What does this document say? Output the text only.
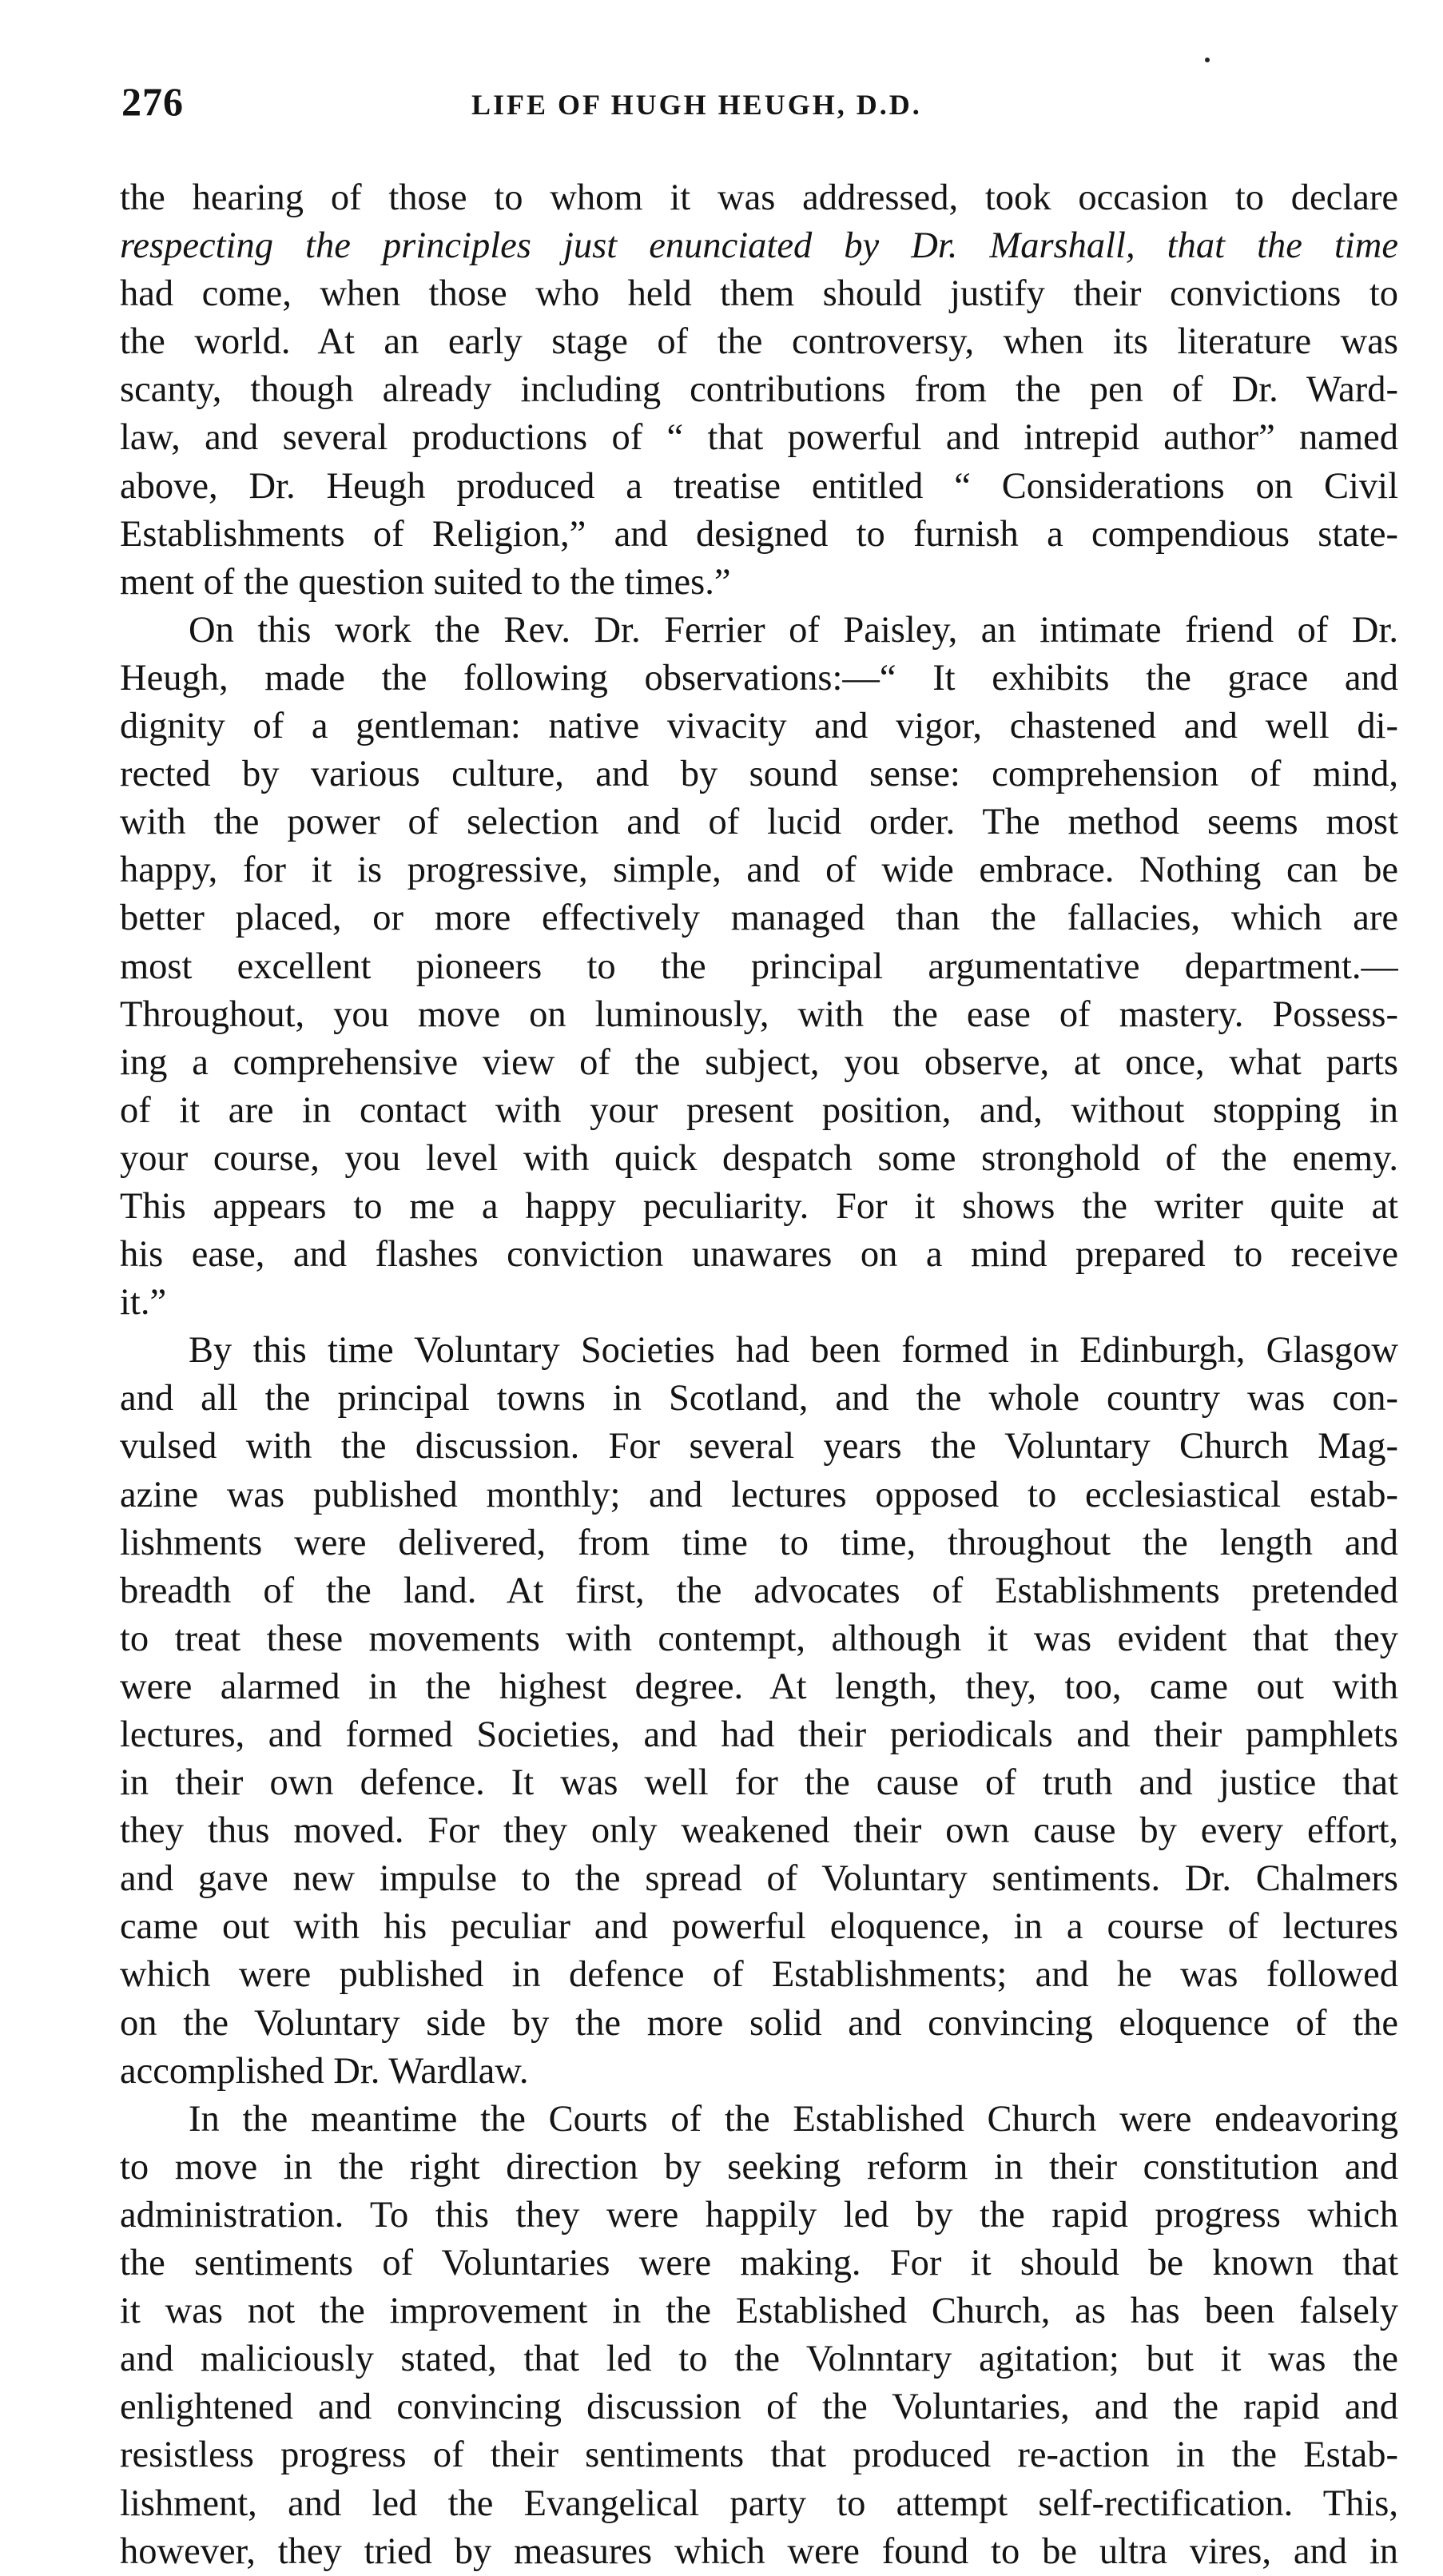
276	LIFE OF HUGH HEUGH, D.D.
the hearing of those to whom it was addressed, took occasion to declare
respecting the principles just enunciated by Dr. Marshall, that the time
had come, when those who held them should justify their convictions to
the world. At an early stage of the controversy, when its literature was
scanty, though already including contributions from the pen of Dr. Ward-
law, and several productions of “ that powerful and intrepid author” named
above, Dr. Heugh produced a treatise entitled “ Considerations on Civil
Establishments of Religion,” and designed to furnish a compendious state-
ment of the question suited to the times.”
On this work the Rev. Dr. Ferrier of Paisley, an intimate friend of Dr.
Heugh, made the following observations:—“ It exhibits the grace and
dignity of a gentleman: native vivacity and vigor, chastened and well di-
rected by various culture, and by sound sense: comprehension of mind,
with the power of selection and of lucid order. The method seems most
happy, for it is progressive, simple, and of wide embrace. Nothing can be
better placed, or more effectively managed than the fallacies, which are
most excellent pioneers to the principal argumentative department.—
Throughout, you move on luminously, with the ease of mastery. Possess-
ing a comprehensive view of the subject, you observe, at once, what parts
of it are in contact with your present position, and, without stopping in
your course, you level with quick despatch some stronghold of the enemy.
This appears to me a happy peculiarity. For it shows the writer quite at
his ease, and flashes conviction unawares on a mind prepared to receive
it.”
By this time Voluntary Societies had been formed in Edinburgh, Glasgow
and all the principal towns in Scotland, and the whole country was con-
vulsed with the discussion. For several years the Voluntary Church Mag-
azine was published monthly; and lectures opposed to ecclesiastical estab-
lishments were delivered, from time to time, throughout the length and
breadth of the land. At first, the advocates of Establishments pretended
to treat these movements with contempt, although it was evident that they
were alarmed in the highest degree. At length, they, too, came out with
lectures, and formed Societies, and had their periodicals and their pamphlets
in their own defence. It was well for the cause of truth and justice that
they thus moved. For they only weakened their own cause by every effort,
and gave new impulse to the spread of Voluntary sentiments. Dr. Chalmers
came out with his peculiar and powerful eloquence, in a course of lectures
which were published in defence of Establishments; and he was followed
on the Voluntary side by the more solid and convincing eloquence of the
accomplished Dr. Wardlaw.
In the meantime the Courts of the Established Church were endeavoring
to move in the right direction by seeking reform in their constitution and
administration. To this they were happily led by the rapid progress which
the sentiments of Voluntaries were making. For it should be known that
it was not the improvement in the Established Church, as has been falsely
and maliciously stated, that led to the Volnntary agitation; but it was the
enlightened and convincing discussion of the Voluntaries, and the rapid and
resistless progress of their sentiments that produced re-action in the Estab-
lishment, and led the Evangelical party to attempt self-rectification. This,
however, they tried by measures which were found to be ultra vires, and in
